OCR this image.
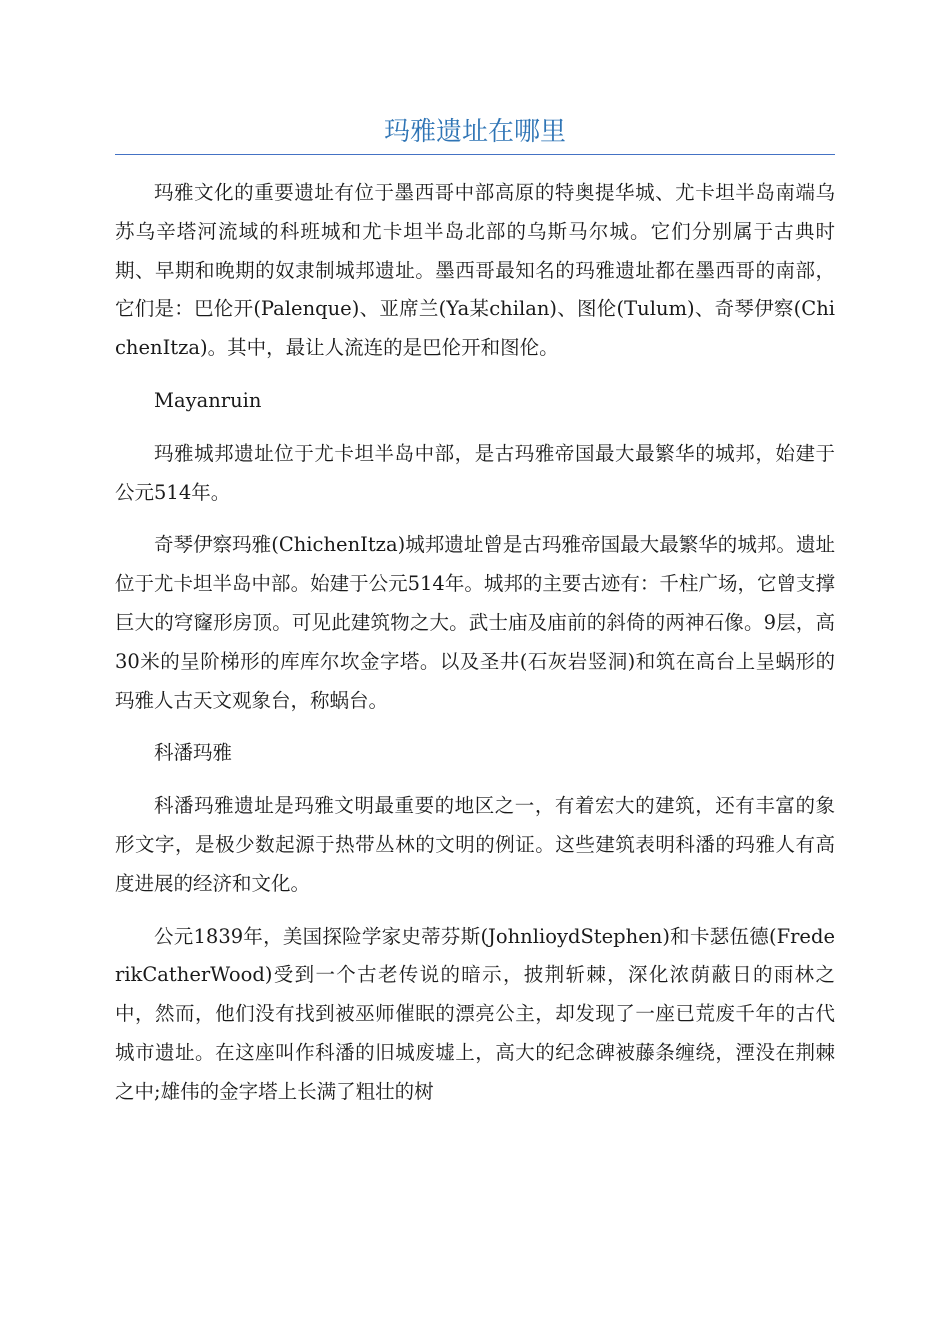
玛雅遗址在哪里

玛雅文化的重要遗址有位于墨西哥中部高原的特奥提华城、尤卡坦半岛南端乌苏乌辛塔河流域的科班城和尤卡坦半岛北部的乌斯马尔城。它们分别属于古典时期、早期和晚期的奴隶制城邦遗址。墨西哥最知名的玛雅遗址都在墨西哥的南部，它们是：巴伦开(Palenque)、亚席兰(Ya某chilan)、图伦(Tulum)、奇琴伊察(ChichenItza)。其中，最让人流连的是巴伦开和图伦。

Mayanruin

玛雅城邦遗址位于尤卡坦半岛中部，是古玛雅帝国最大最繁华的城邦，始建于公元514年。

奇琴伊察玛雅(ChichenItza)城邦遗址曾是古玛雅帝国最大最繁华的城邦。遗址位于尤卡坦半岛中部。始建于公元514年。城邦的主要古迹有：千柱广场，它曾支撑巨大的穹窿形房顶。可见此建筑物之大。武士庙及庙前的斜倚的两神石像。9层，高30米的呈阶梯形的库库尔坎金字塔。以及圣井(石灰岩竖洞)和筑在高台上呈蜗形的玛雅人古天文观象台，称蜗台。

科潘玛雅

科潘玛雅遗址是玛雅文明最重要的地区之一，有着宏大的建筑，还有丰富的象形文字，是极少数起源于热带丛林的文明的例证。这些建筑表明科潘的玛雅人有高度进展的经济和文化。

公元1839年，美国探险学家史蒂芬斯(JohnlioydStephen)和卡瑟伍德(FrederikCatherWood)受到一个古老传说的暗示，披荆斩棘，深化浓荫蔽日的雨林之中，然而，他们没有找到被巫师催眠的漂亮公主，却发现了一座已荒废千年的古代城市遗址。在这座叫作科潘的旧城废墟上，高大的纪念碑被藤条缠绕，湮没在荆棘之中;雄伟的金字塔上长满了粗壮的树
